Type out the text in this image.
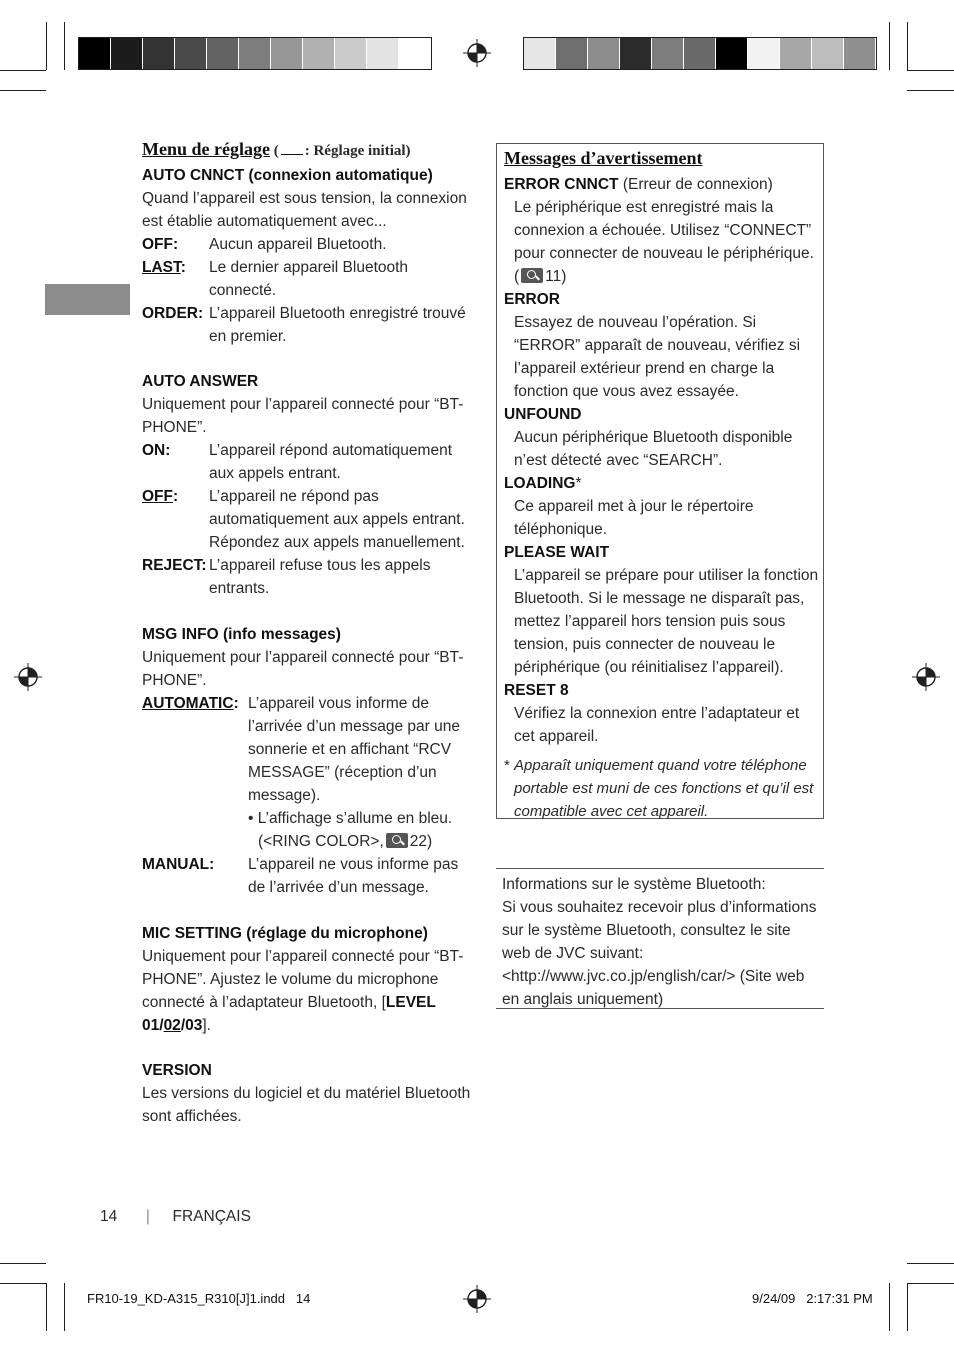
Menu de réglage ( : Réglage initial)
AUTO CNNCT (connexion automatique)
Quand l’appareil est sous tension, la connexion est établie automatiquement avec...
OFF:	Aucun appareil Bluetooth.
LAST:	Le dernier appareil Bluetooth connecté.
ORDER: L’appareil Bluetooth enregistré trouvé en premier.
AUTO ANSWER
Uniquement pour l’appareil connecté pour “BT-PHONE”.
ON:	L’appareil répond automatiquement aux appels entrant.
OFF:	L’appareil ne répond pas automatiquement aux appels entrant. Répondez aux appels manuellement.
REJECT: L’appareil refuse tous les appels entrants.
MSG INFO (info messages)
Uniquement pour l’appareil connecté pour “BT-PHONE”.
AUTOMATIC: L’appareil vous informe de l’arrivée d’un message par une sonnerie et en affichant “RCV MESSAGE” (réception d’un message).

• L’affichage s’allume en bleu. (<RING COLOR>, 22)
MANUAL:	L’appareil ne vous informe pas de l’arrivée d’un message.
MIC SETTING (réglage du microphone)
Uniquement pour l’appareil connecté pour “BT-PHONE”. Ajustez le volume du microphone connecté à l’adaptateur Bluetooth, [LEVEL 01/02/03].
VERSION
Les versions du logiciel et du matériel Bluetooth sont affichées.
Messages d’avertissement
ERROR CNNCT (Erreur de connexion)
Le périphérique est enregistré mais la connexion a échouée. Utilisez “CONNECT” pour connecter de nouveau le périphérique.
( 11)
ERROR
Essayez de nouveau l’opération. Si “ERROR” apparaît de nouveau, vérifiez si l’appareil extérieur prend en charge la fonction que vous avez essayée.
UNFOUND
Aucun périphérique Bluetooth disponible n’est détecté avec “SEARCH”.
LOADING*
Ce appareil met à jour le répertoire téléphonique.
PLEASE WAIT
L’appareil se prépare pour utiliser la fonction Bluetooth. Si le message ne disparaît pas, mettez l’appareil hors tension puis sous tension, puis connecter de nouveau le périphérique (ou réinitialisez l’appareil).
RESET 8
Vérifiez la connexion entre l’adaptateur et cet appareil.
* Apparaît uniquement quand votre téléphone portable est muni de ces fonctions et qu’il est compatible avec cet appareil.
Informations sur le système Bluetooth:
Si vous souhaitez recevoir plus d’informations sur le système Bluetooth, consultez le site web de JVC suivant: <http://www.jvc.co.jp/english/car/> (Site web en anglais uniquement)
14 | FRANÇAIS
FR10-19_KD-A315_R310[J]1.indd   14	9/24/09   2:17:31 PM
